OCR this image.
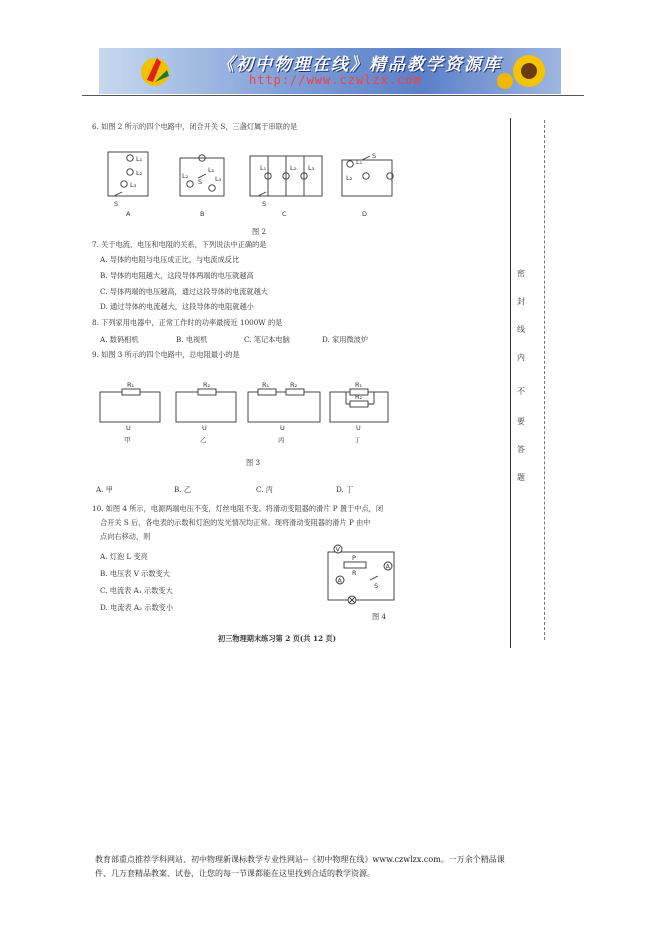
《初中物理在线》精品教学资源库
http://www.czwlzx.com
6. 如图 2 所示的四个电路中，闭合开关 S，三盏灯属于串联的是
L₁
L₂
L₃
S
L₁
L₂	L₃
S
L₁	L₂ L₃
S
L₁
L₂
S
A	B	C	D
图 2
7. 关于电流、电压和电阻的关系，下列说法中正确的是
A. 导体的电阻与电压成正比，与电流成反比
B. 导体的电阻越大，这段导体两端的电压就越高
C. 导体两端的电压越高，通过这段导体的电流就越大
D. 通过导体的电流越大，这段导体的电阻就越小
8. 下列家用电器中，正常工作时的功率最接近 1000W 的是
A. 数码相机	B. 电视机	C. 笔记本电脑	D. 家用微波炉
9. 如图 3 所示的四个电路中，总电阻最小的是
R₁
U
R₂
U
R₁	R₂
U
R₁
R₂
U
甲	乙	丙	丁
图 3
A. 甲	B. 乙	C. 丙	D. 丁
10. 如图 4 所示，电源两端电压不变，灯丝电阻不变。将滑动变阻器的滑片 P 置于中点，闭
合开关 S 后，各电表的示数和灯泡的发光情况均正常。现将滑动变阻器的滑片 P 由中
点向右移动，则
A. 灯泡 L 变亮
B. 电压表 V 示数变大
C. 电流表 A₁ 示数变大
D. 电流表 A₂ 示数变小
V
P
R
A
A
S
图 4
初三物理期末练习第 2 页(共 12 页)
密
封
线
内
不
要
答
题
教育部重点推荐学科网站、初中物理新课标教学专业性网站--《初中物理在线》www.czwlzx.com。一万余个精品课
件、几万套精品教案、试卷，让您的每一节课都能在这里找到合适的教学资源。
